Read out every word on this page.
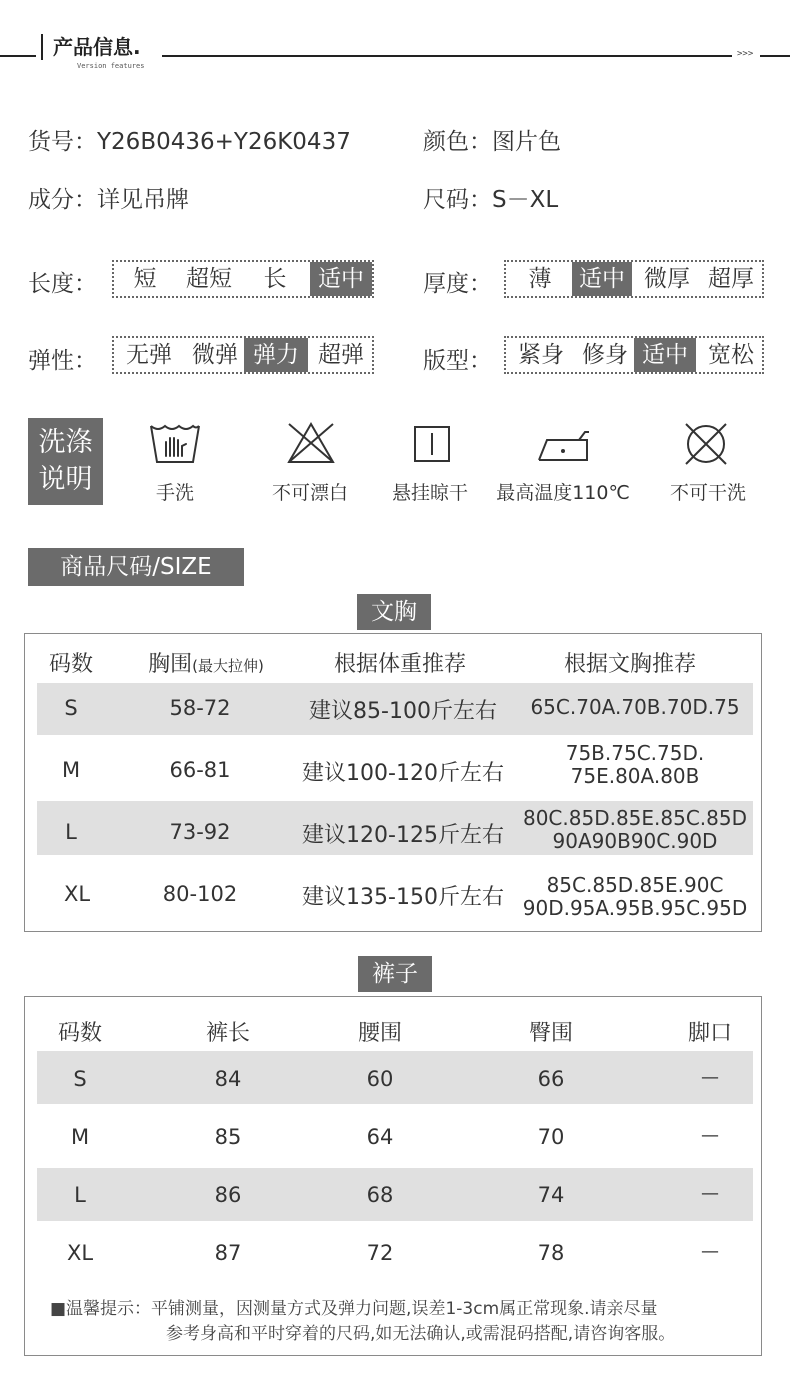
产品信息.
Version features
>>>
货号：Y26B0436+Y26K0437	颜色：图片色
成分：详见吊牌	尺码：S－XL
长度：	短	超短	长	适中	厚度：	薄	适中 微厚 超厚
弹性：	无弹 微弹 弹力 超弹	版型：	紧身 修身 适中 宽松
洗涤
说明	手洗	不可漂白	悬挂晾干	最高温度110℃	不可干洗
商品尺码/SIZE
文胸
码数	胸围(最大拉伸)	根据体重推荐	根据文胸推荐
S	58-72	建议85-100斤左右	65C.70A.70B.70D.75
M	66-81	建议100-120斤左右
75B.75C.75D.
75E.80A.80B
L	73-92	建议120-125斤左右
80C.85D.85E.85C.85D
90A90B90C.90D
XL	80-102	建议135-150斤左右	85C.85D.85E.90C
90D.95A.95B.95C.95D
裤子
码数	裤长	腰围	臀围	脚口
S	84	60	66	—
M	85	64	70	—
L	86	68	74	—
XL	87	72	78	—
■温馨提示：平铺测量，因测量方式及弹力问题,误差1-3cm属正常现象.请亲尽量
参考身高和平时穿着的尺码,如无法确认,或需混码搭配,请咨询客服。
